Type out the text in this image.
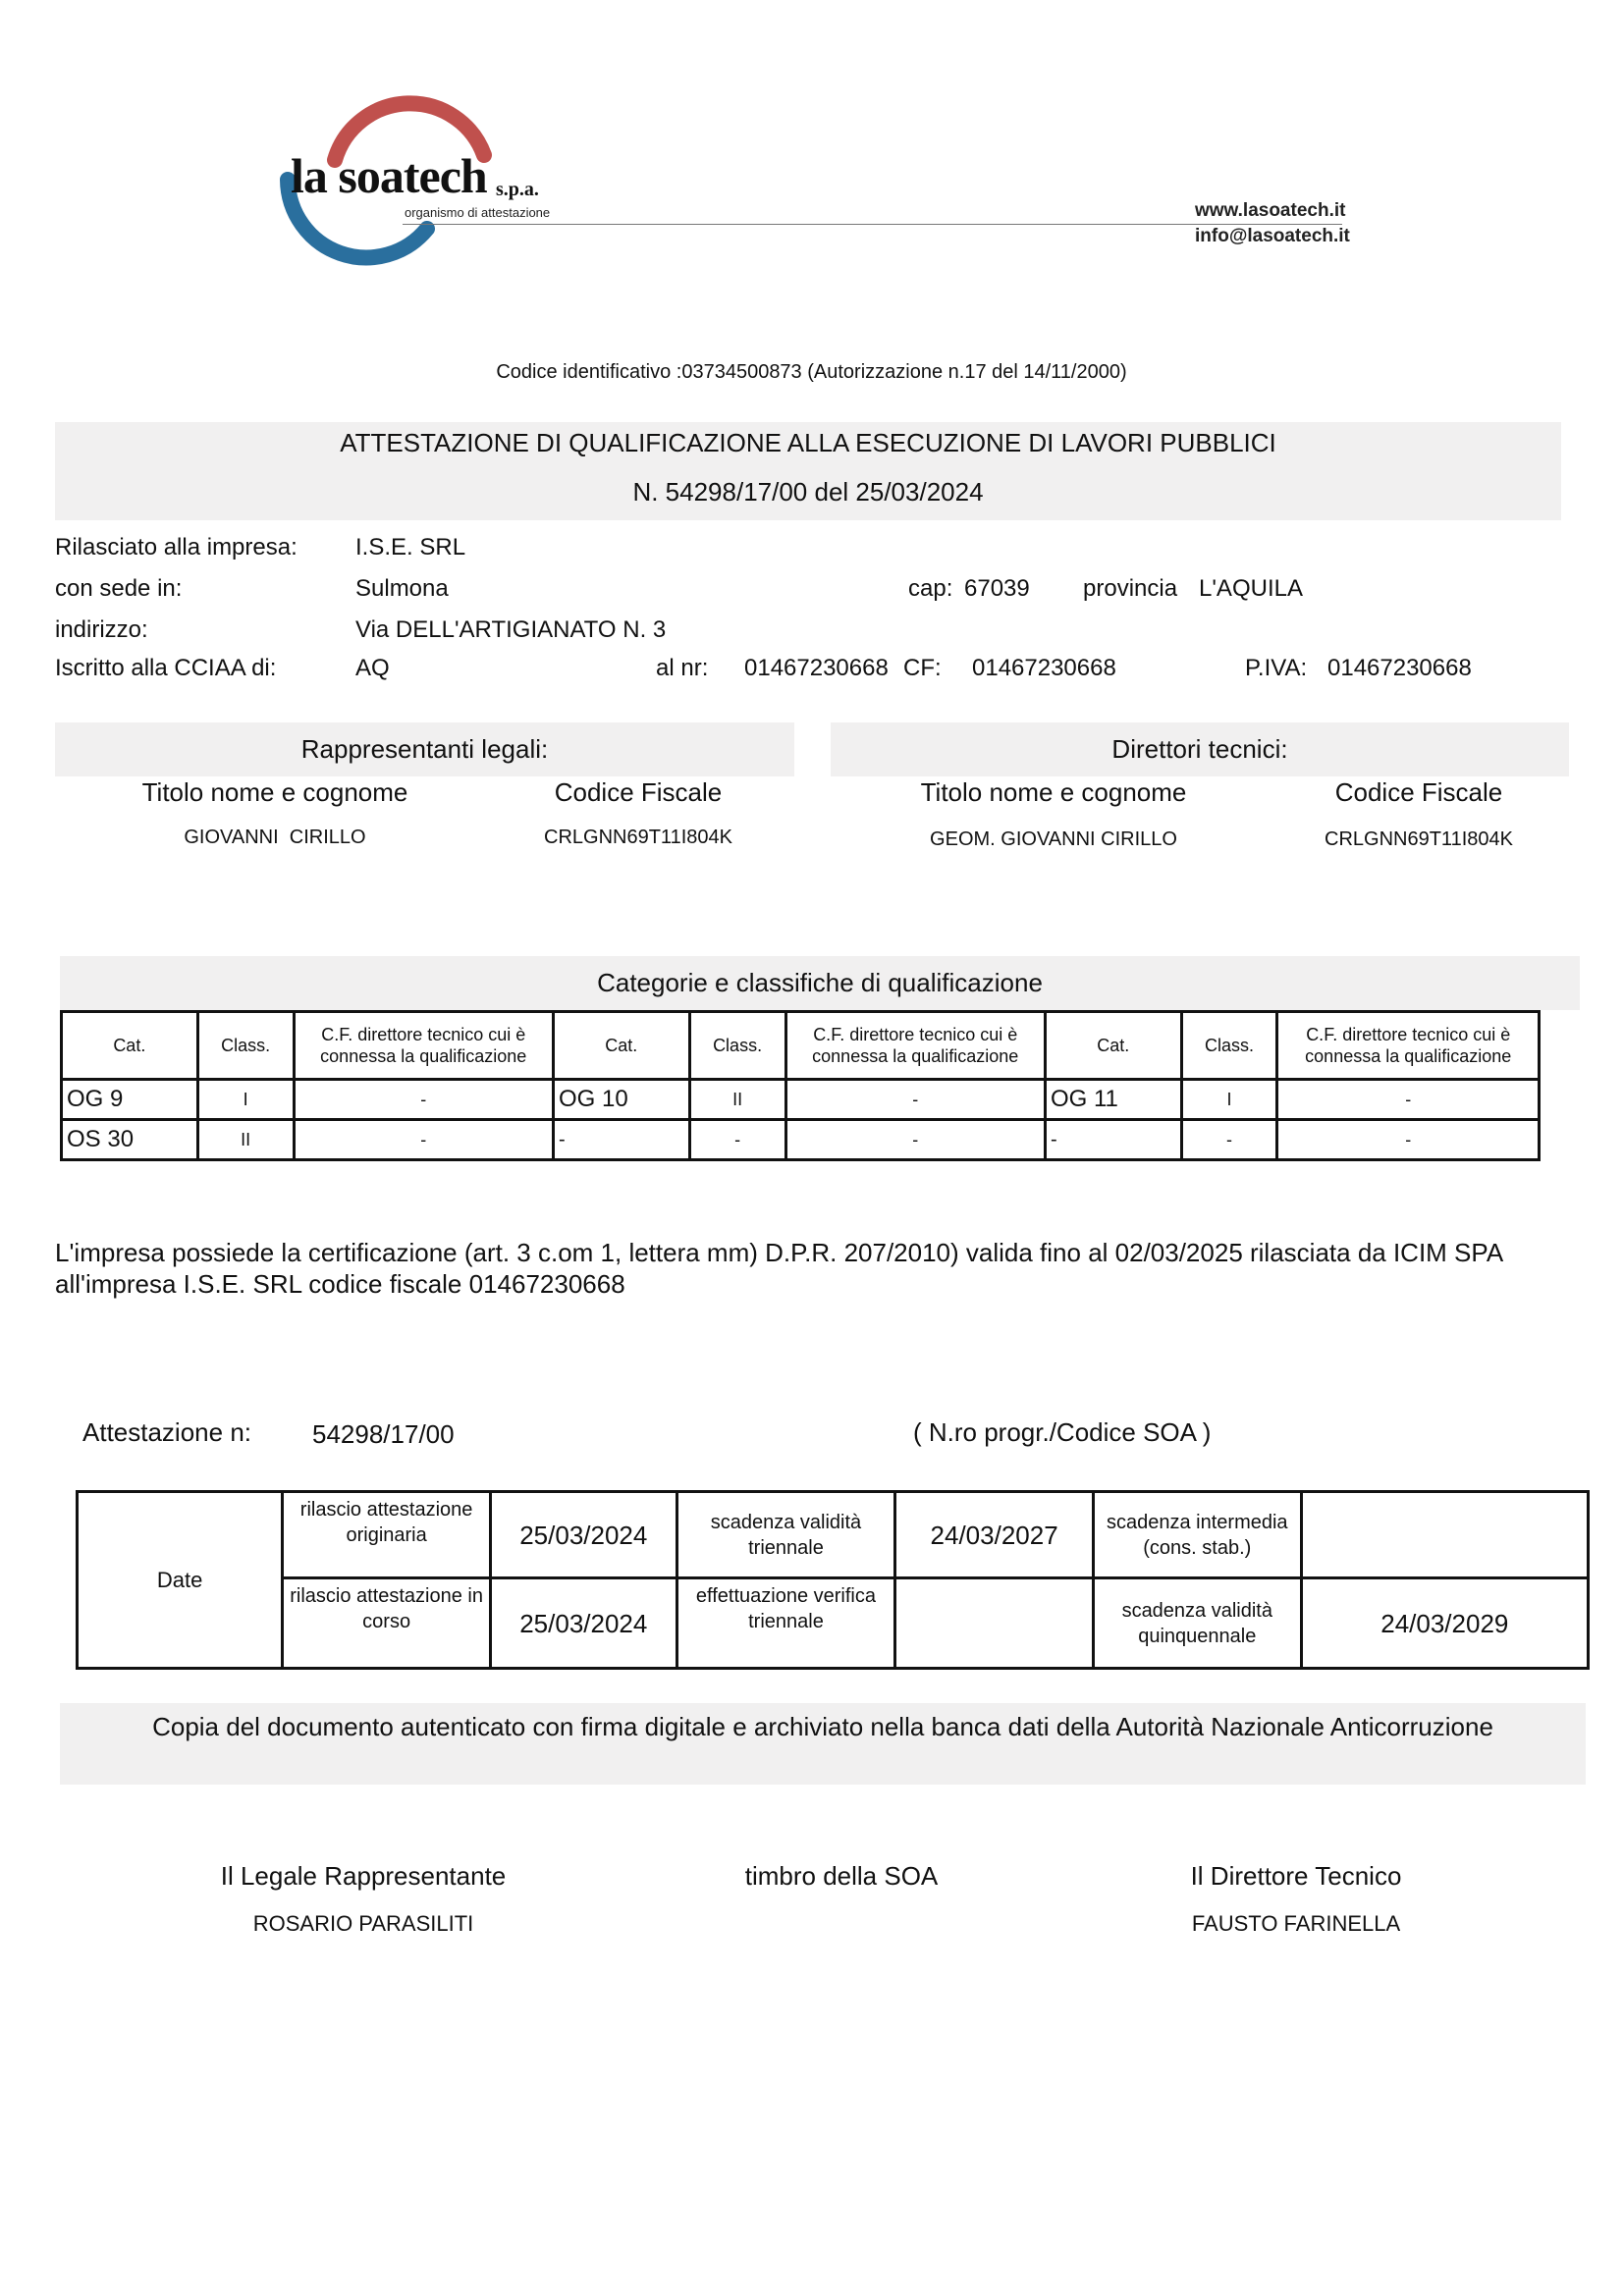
la soatech s.p.a.
organismo di attestazione	www.lasoatech.it
info@lasoatech.it
Codice identificativo :03734500873 (Autorizzazione n.17 del 14/11/2000)
ATTESTAZIONE DI QUALIFICAZIONE ALLA ESECUZIONE DI LAVORI PUBBLICI
N. 54298/17/00 del 25/03/2024
Rilasciato alla impresa: I.S.E. SRL
con sede in:	Sulmona	cap: 67039 provincia L'AQUILA
indirizzo:	Via DELL'ARTIGIANATO N. 3
Iscritto alla CCIAA di:	AQ	al nr: 01467230668 CF: 01467230668	P.IVA: 01467230668
Rappresentanti legali:
Titolo nome e cognome	Codice Fiscale
GIOVANNI  CIRILLO	CRLGNN69T11I804K
Direttori tecnici:
Titolo nome e cognome	Codice Fiscale
GEOM. GIOVANNI CIRILLO	CRLGNN69T11I804K
Categorie e classifiche di qualificazione
Cat.	Class.	C.F. direttore tecnico cui è connessa la qualificazione	Cat.	Class.	C.F. direttore tecnico cui è connessa la qualificazione	Cat.	Class.	C.F. direttore tecnico cui è connessa la qualificazione
OG 9	I	-	OG 10	II	-	OG 11	I	-
OS 30	II	-	-	-	-	-	-	-
L'impresa possiede la certificazione (art. 3 c.om 1, lettera mm) D.P.R. 207/2010) valida fino al 02/03/2025 rilasciata da ICIM SPA all'impresa I.S.E. SRL codice fiscale 01467230668
Attestazione n: 54298/17/00	( N.ro progr./Codice SOA )
Date	rilascio attestazione originaria	25/03/2024	scadenza validità triennale	24/03/2027	scadenza intermedia (cons. stab.)	
	rilascio attestazione in corso	25/03/2024	effettuazione verifica triennale		scadenza validità quinquennale	24/03/2029
Copia del documento autenticato con firma digitale e archiviato nella banca dati della Autorità Nazionale Anticorruzione
Il Legale Rappresentante
ROSARIO PARASILITI
timbro della SOA	Il Direttore Tecnico
FAUSTO FARINELLA
